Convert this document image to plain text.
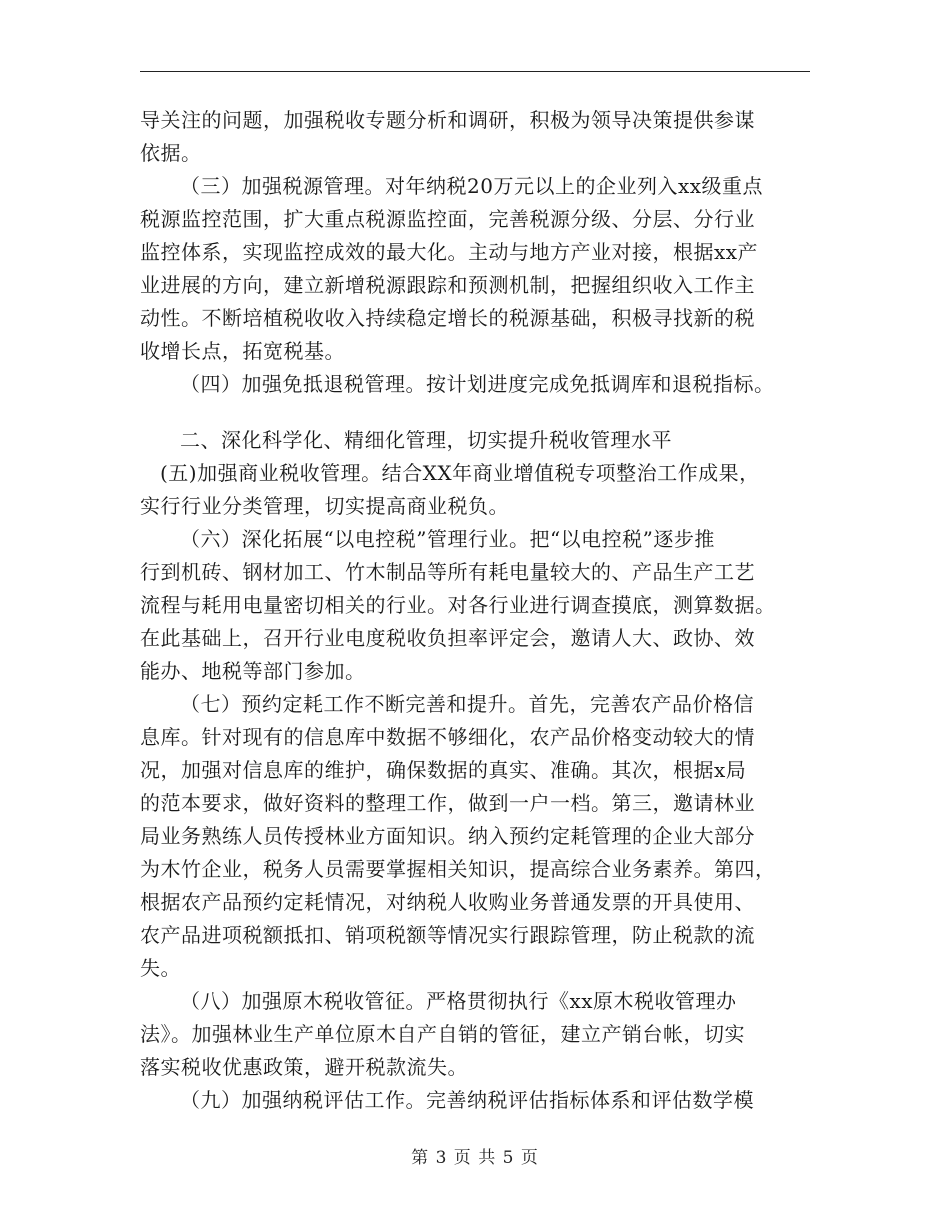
导关注的问题，加强税收专题分析和调研，积极为领导决策提供参谋
依据。
（三）加强税源管理。对年纳税20万元以上的企业列入xx级重点
税源监控范围，扩大重点税源监控面，完善税源分级、分层、分行业
监控体系，实现监控成效的最大化。主动与地方产业对接，根据xx产
业进展的方向，建立新增税源跟踪和预测机制，把握组织收入工作主
动性。不断培植税收收入持续稳定增长的税源基础，积极寻找新的税
收增长点，拓宽税基。
（四）加强免抵退税管理。按计划进度完成免抵调库和退税指标。
二、深化科学化、精细化管理，切实提升税收管理水平
(五)加强商业税收管理。结合XX年商业增值税专项整治工作成果，
实行行业分类管理，切实提高商业税负。
（六）深化拓展“以电控税”管理行业。把“以电控税”逐步推
行到机砖、钢材加工、竹木制品等所有耗电量较大的、产品生产工艺
流程与耗用电量密切相关的行业。对各行业进行调查摸底，测算数据。
在此基础上，召开行业电度税收负担率评定会，邀请人大、政协、效
能办、地税等部门参加。
（七）预约定耗工作不断完善和提升。首先，完善农产品价格信
息库。针对现有的信息库中数据不够细化，农产品价格变动较大的情
况，加强对信息库的维护，确保数据的真实、准确。其次，根据x局
的范本要求，做好资料的整理工作，做到一户一档。第三，邀请林业
局业务熟练人员传授林业方面知识。纳入预约定耗管理的企业大部分
为木竹企业，税务人员需要掌握相关知识，提高综合业务素养。第四，
根据农产品预约定耗情况，对纳税人收购业务普通发票的开具使用、
农产品进项税额抵扣、销项税额等情况实行跟踪管理，防止税款的流
失。
（八）加强原木税收管征。严格贯彻执行《xx原木税收管理办
法》。加强林业生产单位原木自产自销的管征，建立产销台帐，切实
落实税收优惠政策，避开税款流失。
（九）加强纳税评估工作。完善纳税评估指标体系和评估数学模
第 3 页 共 5 页
